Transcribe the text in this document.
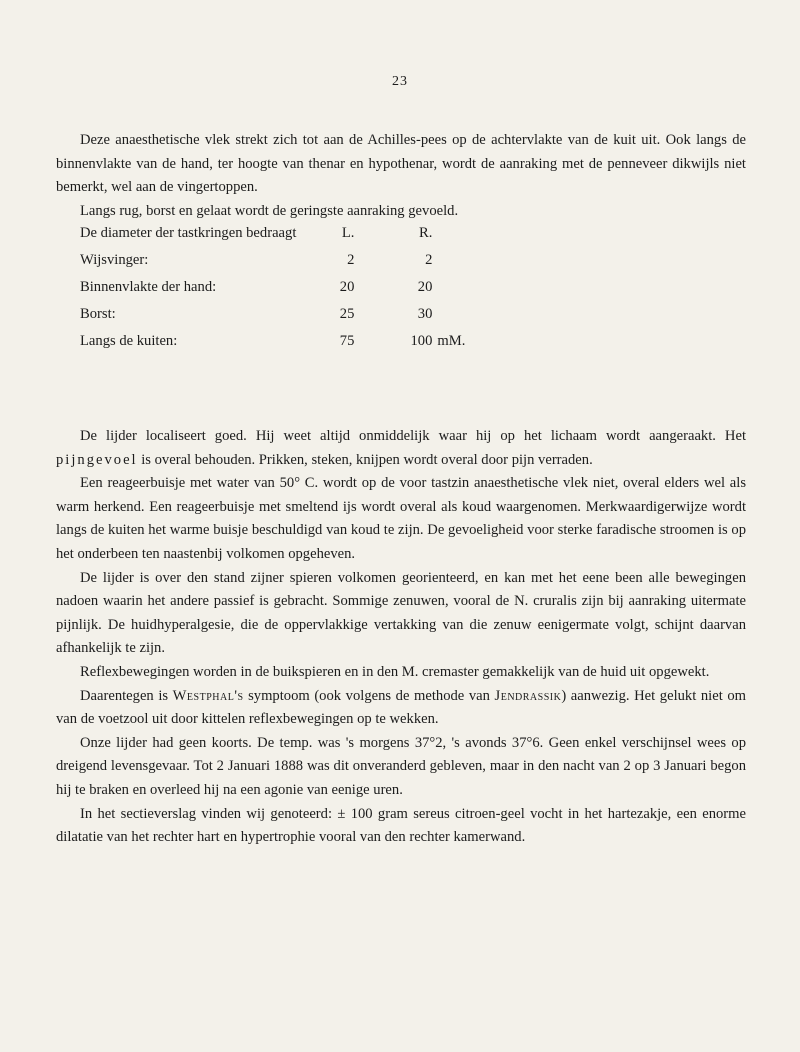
23

Deze anaesthetische vlek strekt zich tot aan de Achilles-pees op de achtervlakte van de kuit uit. Ook langs de binnenvlakte van de hand, ter hoogte van thenar en hypothenar, wordt de aanraking met de penneveer dikwijls niet bemerkt, wel aan de vingertoppen.

Langs rug, borst en gelaat wordt de geringste aanraking gevoeld.

De diameter der tastkringen bedraagt	L.	R.	
Wijsvinger:	2	2	
Binnenvlakte der hand:	20	20	
Borst:	25	30	
Langs de kuiten:	75	100	mM.

De lijder localiseert goed. Hij weet altijd onmiddelijk waar hij op het lichaam wordt aangeraakt. Het pijngevoel is overal behouden. Prikken, steken, knijpen wordt overal door pijn verraden.

Een reageerbuisje met water van 50° C. wordt op de voor tastzin anaesthetische vlek niet, overal elders wel als warm herkend. Een reageerbuisje met smeltend ijs wordt overal als koud waargenomen. Merkwaardigerwijze wordt langs de kuiten het warme buisje beschuldigd van koud te zijn. De gevoeligheid voor sterke faradische stroomen is op het onderbeen ten naastenbij volkomen opgeheven.

De lijder is over den stand zijner spieren volkomen georienteerd, en kan met het eene been alle bewegingen nadoen waarin het andere passief is gebracht. Sommige zenuwen, vooral de N. cruralis zijn bij aanraking uitermate pijnlijk. De huidhyperalgesie, die de oppervlakkige vertakking van die zenuw eenigermate volgt, schijnt daarvan afhankelijk te zijn.

Reflexbewegingen worden in de buikspieren en in den M. cremaster gemakkelijk van de huid uit opgewekt.

Daarentegen is Westphal's symptoom (ook volgens de methode van Jendrassik) aanwezig. Het gelukt niet om van de voetzool uit door kittelen reflexbewegingen op te wekken.

Onze lijder had geen koorts. De temp. was 's morgens 37°2, 's avonds 37°6. Geen enkel verschijnsel wees op dreigend levensgevaar. Tot 2 Januari 1888 was dit onveranderd gebleven, maar in den nacht van 2 op 3 Januari begon hij te braken en overleed hij na een agonie van eenige uren.

In het sectieverslag vinden wij genoteerd: ± 100 gram sereus citroen-geel vocht in het hartezakje, een enorme dilatatie van het rechter hart en hypertrophie vooral van den rechter kamerwand.
